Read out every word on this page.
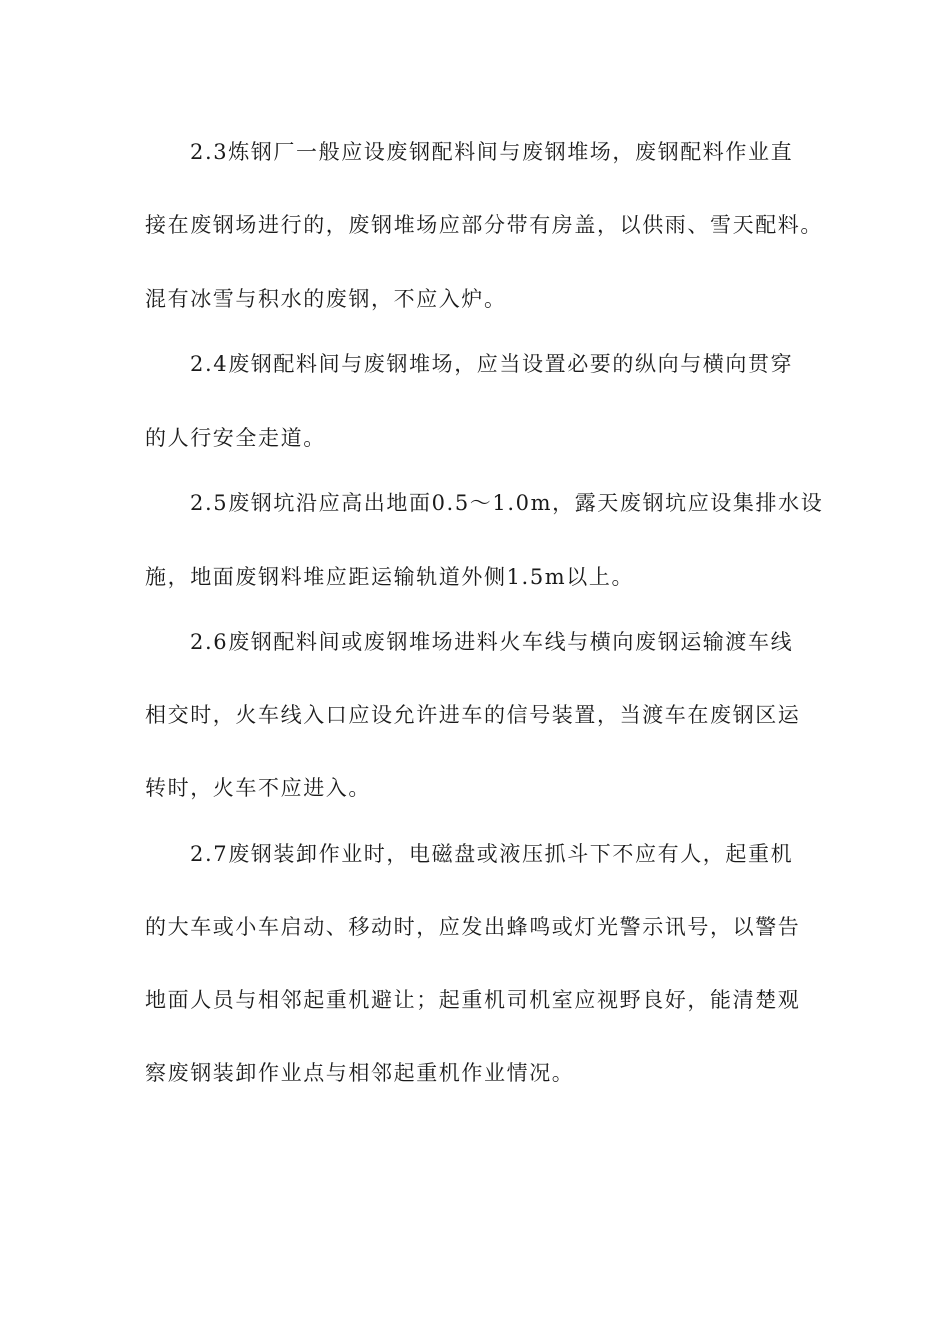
2.3炼钢厂一般应设废钢配料间与废钢堆场，废钢配料作业直
接在废钢场进行的，废钢堆场应部分带有房盖，以供雨、雪天配料。
混有冰雪与积水的废钢，不应入炉。
2.4废钢配料间与废钢堆场，应当设置必要的纵向与横向贯穿
的人行安全走道。
2.5废钢坑沿应高出地面0.5～1.0m，露天废钢坑应设集排水设
施，地面废钢料堆应距运输轨道外侧1.5m以上。
2.6废钢配料间或废钢堆场进料火车线与横向废钢运输渡车线
相交时，火车线入口应设允许进车的信号装置，当渡车在废钢区运
转时，火车不应进入。
2.7废钢装卸作业时，电磁盘或液压抓斗下不应有人，起重机
的大车或小车启动、移动时，应发出蜂鸣或灯光警示讯号，以警告
地面人员与相邻起重机避让；起重机司机室应视野良好，能清楚观
察废钢装卸作业点与相邻起重机作业情况。
